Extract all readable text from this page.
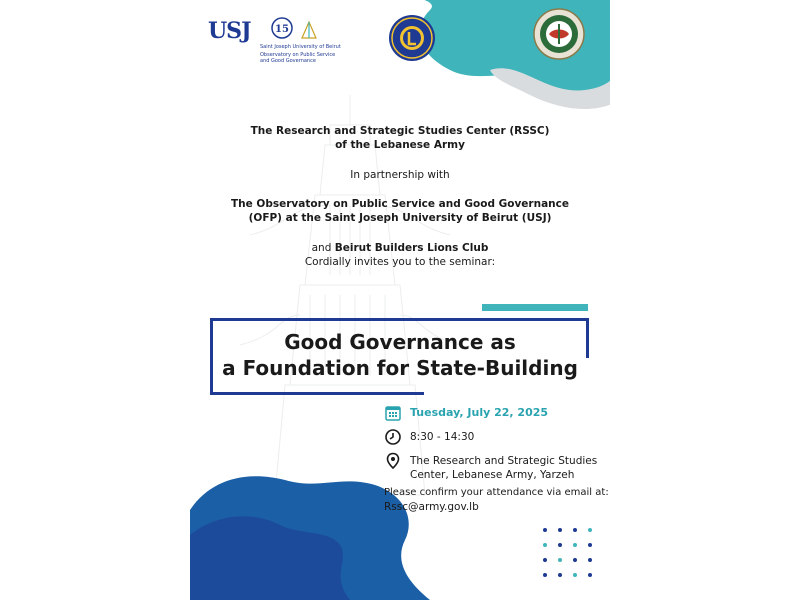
USJ 15
Saint Joseph University of Beirut
Observatory on Public Service and Good Governance
The Research and Strategic Studies Center (RSSC)
of the Lebanese Army
In partnership with
The Observatory on Public Service and Good Governance
(OFP) at the Saint Joseph University of Beirut (USJ)
and Beirut Builders Lions Club
Cordially invites you to the seminar:
Good Governance as
a Foundation for State-Building
Tuesday, July 22, 2025
8:30 - 14:30
The Research and Strategic Studies
Center, Lebanese Army, Yarzeh
Please confirm your attendance via email at:
Rssc@army.gov.lb
